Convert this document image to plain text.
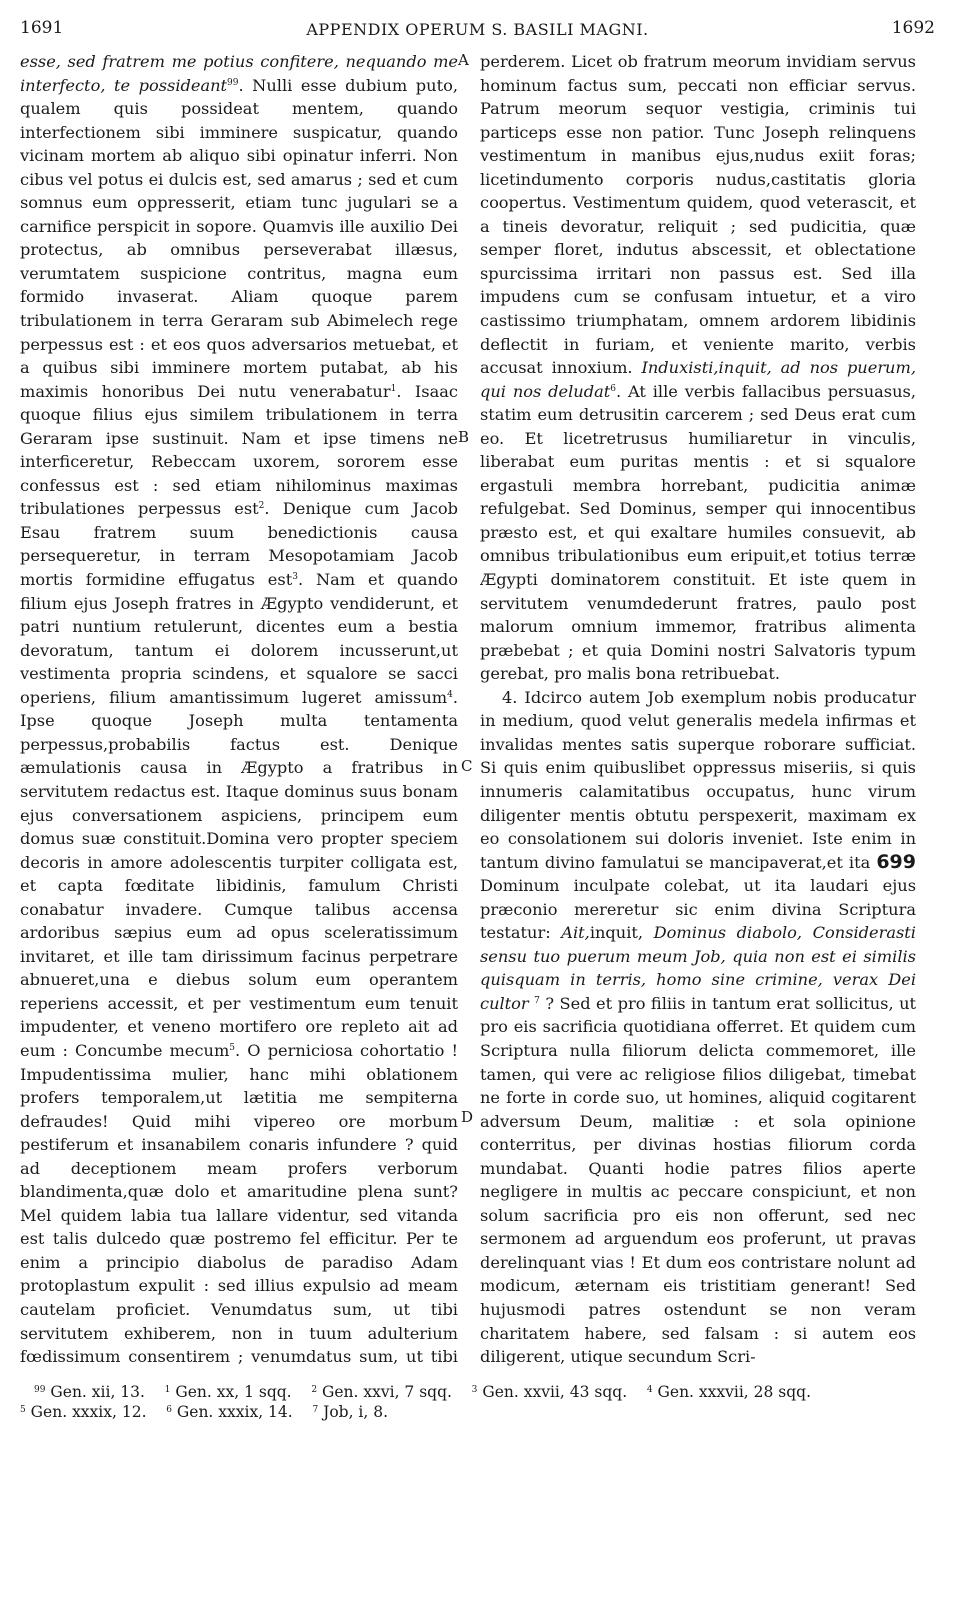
1691	APPENDIX OPERUM S. BASILI MAGNI.	1692

esse, sed fratrem me potius confitere, nequando me interfecto, te possideant$^{99}$. Nulli esse dubium puto, qualem quis possideat mentem, quando interfectionem sibi imminere suspicatur, quando vicinam mortem ab aliquo sibi opinatur inferri. Non cibus vel potus ei dulcis est, sed amarus ; sed et cum somnus eum oppresserit, etiam tunc jugulari se a carnifice perspicit in sopore. Quamvis ille auxilio Dei protectus, ab omnibus perseverabat illæsus, verumtatem suspicione contritus, magna eum formido invaserat. Aliam quoque parem tribulationem in terra Geraram sub Abimelech rege perpessus est : et eos quos adversarios metuebat, et a quibus sibi imminere mortem putabat, ab his maximis honoribus Dei nutu venerabatur$^1$. Isaac quoque filius ejus similem tribulationem in terra Geraram ipse sustinuit. Nam et ipse timens ne interficeretur, Rebeccam uxorem, sororem esse confessus est : sed etiam nihilominus maximas tribulationes perpessus est$^2$. Denique cum Jacob Esau fratrem suum benedictionis causa persequeretur, in terram Mesopotamiam Jacob mortis formidine effugatus est$^3$. Nam et quando filium ejus Joseph fratres in Ægypto vendiderunt, et patri nuntium retulerunt, dicentes eum a bestia devoratum, tantum ei dolorem incusserunt,ut vestimenta propria scindens, et squalore se sacci operiens, filium amantissimum lugeret amissum$^4$. Ipse quoque Joseph multa tentamenta perpessus,probabilis factus est. Denique æmulationis causa in Ægypto a fratribus in servitutem redactus est. Itaque dominus suus bonam ejus conversationem aspiciens, principem eum domus suæ constituit.Domina vero propter speciem decoris in amore adolescentis turpiter colligata est, et capta fœditate libidinis, famulum Christi conabatur invadere. Cumque talibus accensa ardoribus sæpius eum ad opus sceleratissimum invitaret, et ille tam dirissimum facinus perpetrare abnueret,una e diebus solum eum operantem reperiens accessit, et per vestimentum eum tenuit impudenter, et veneno mortifero ore repleto ait ad eum : Concumbe mecum$^5$. O perniciosa cohortatio ! Impudentissima mulier, hanc mihi oblationem profers temporalem,ut lætitia me sempiterna defraudes! Quid mihi vipereo ore morbum pestiferum et insanabilem conaris infundere ? quid ad deceptionem meam profers verborum blandimenta,quæ dolo et amaritudine plena sunt? Mel quidem labia tua lallare videntur, sed vitanda est talis dulcedo quæ postremo fel efficitur. Per te enim a principio diabolus de paradiso Adam protoplastum expulit : sed illius expulsio ad meam cautelam proficiet. Venumdatus sum, ut tibi servitutem exhiberem, non in tuum adulterium fœdissimum consentirem ; venumdatus sum, ut tibi

A
B
C
D

perderem. Licet ob fratrum meorum invidiam servus hominum factus sum, peccati non efficiar servus. Patrum meorum sequor vestigia, criminis tui particeps esse non patior. Tunc Joseph relinquens vestimentum in manibus ejus,nudus exiit foras; licetindumento corporis nudus,castitatis gloria coopertus. Vestimentum quidem, quod veterascit, et a tineis devoratur, reliquit ; sed pudicitia, quæ semper floret, indutus abscessit, et oblectatione spurcissima irritari non passus est. Sed illa impudens cum se confusam intuetur, et a viro castissimo triumphatam, omnem ardorem libidinis deflectit in furiam, et veniente marito, verbis accusat innoxium. Induxisti,inquit, ad nos puerum, qui nos deludat$^6$. At ille verbis fallacibus persuasus, statim eum detrusitin carcerem ; sed Deus erat cum eo. Et licetretrusus humiliaretur in vinculis, liberabat eum puritas mentis : et si squalore ergastuli membra horrebant, pudicitia animæ refulgebat. Sed Dominus, semper qui innocentibus præsto est, et qui exaltare humiles consuevit, ab omnibus tribulationibus eum eripuit,et totius terræ Ægypti dominatorem constituit. Et iste quem in servitutem venumdederunt fratres, paulo post malorum omnium immemor, fratribus alimenta præbebat ; et quia Domini nostri Salvatoris typum gerebat, pro malis bona retribuebat.

4. Idcirco autem Job exemplum nobis producatur in medium, quod velut generalis medela infirmas et invalidas mentes satis superque roborare sufficiat. Si quis enim quibuslibet oppressus miseriis, si quis innumeris calamitatibus occupatus, hunc virum diligenter mentis obtutu perspexerit, maximam ex eo consolationem sui doloris inveniet. Iste enim in tantum divino famulatui se mancipaverat,et ita 699 Dominum inculpate colebat, ut ita laudari ejus præconio mereretur sic enim divina Scriptura testatur: Ait,inquit, Dominus diabolo, Considerasti sensu tuo puerum meum Job, quia non est ei similis quisquam in terris, homo sine crimine, verax Dei cultor $^7$ ? Sed et pro filiis in tantum erat sollicitus, ut pro eis sacrificia quotidiana offerret. Et quidem cum Scriptura nulla filiorum delicta commemoret, ille tamen, qui vere ac religiose filios diligebat, timebat ne forte in corde suo, ut homines, aliquid cogitarent adversum Deum, malitiæ : et sola opinione conterritus, per divinas hostias filiorum corda mundabat. Quanti hodie patres filios aperte negligere in multis ac peccare conspiciunt, et non solum sacrificia pro eis non offerunt, sed nec sermonem ad arguendum eos proferunt, ut pravas derelinquant vias ! Et dum eos contristare nolunt ad modicum, æternam eis tristitiam generant! Sed hujusmodi patres ostendunt se non veram charitatem habere, sed falsam : si autem eos diligerent, utique secundum Scri-

$^{99}$ Gen. xii, 13. $^1$ Gen. xx, 1 sqq. $^2$ Gen. xxvi, 7 sqq. $^3$ Gen. xxvii, 43 sqq. $^4$ Gen. xxxvii, 28 sqq.
$^5$ Gen. xxxix, 12. $^6$ Gen. xxxix, 14. $^7$ Job, i, 8.
